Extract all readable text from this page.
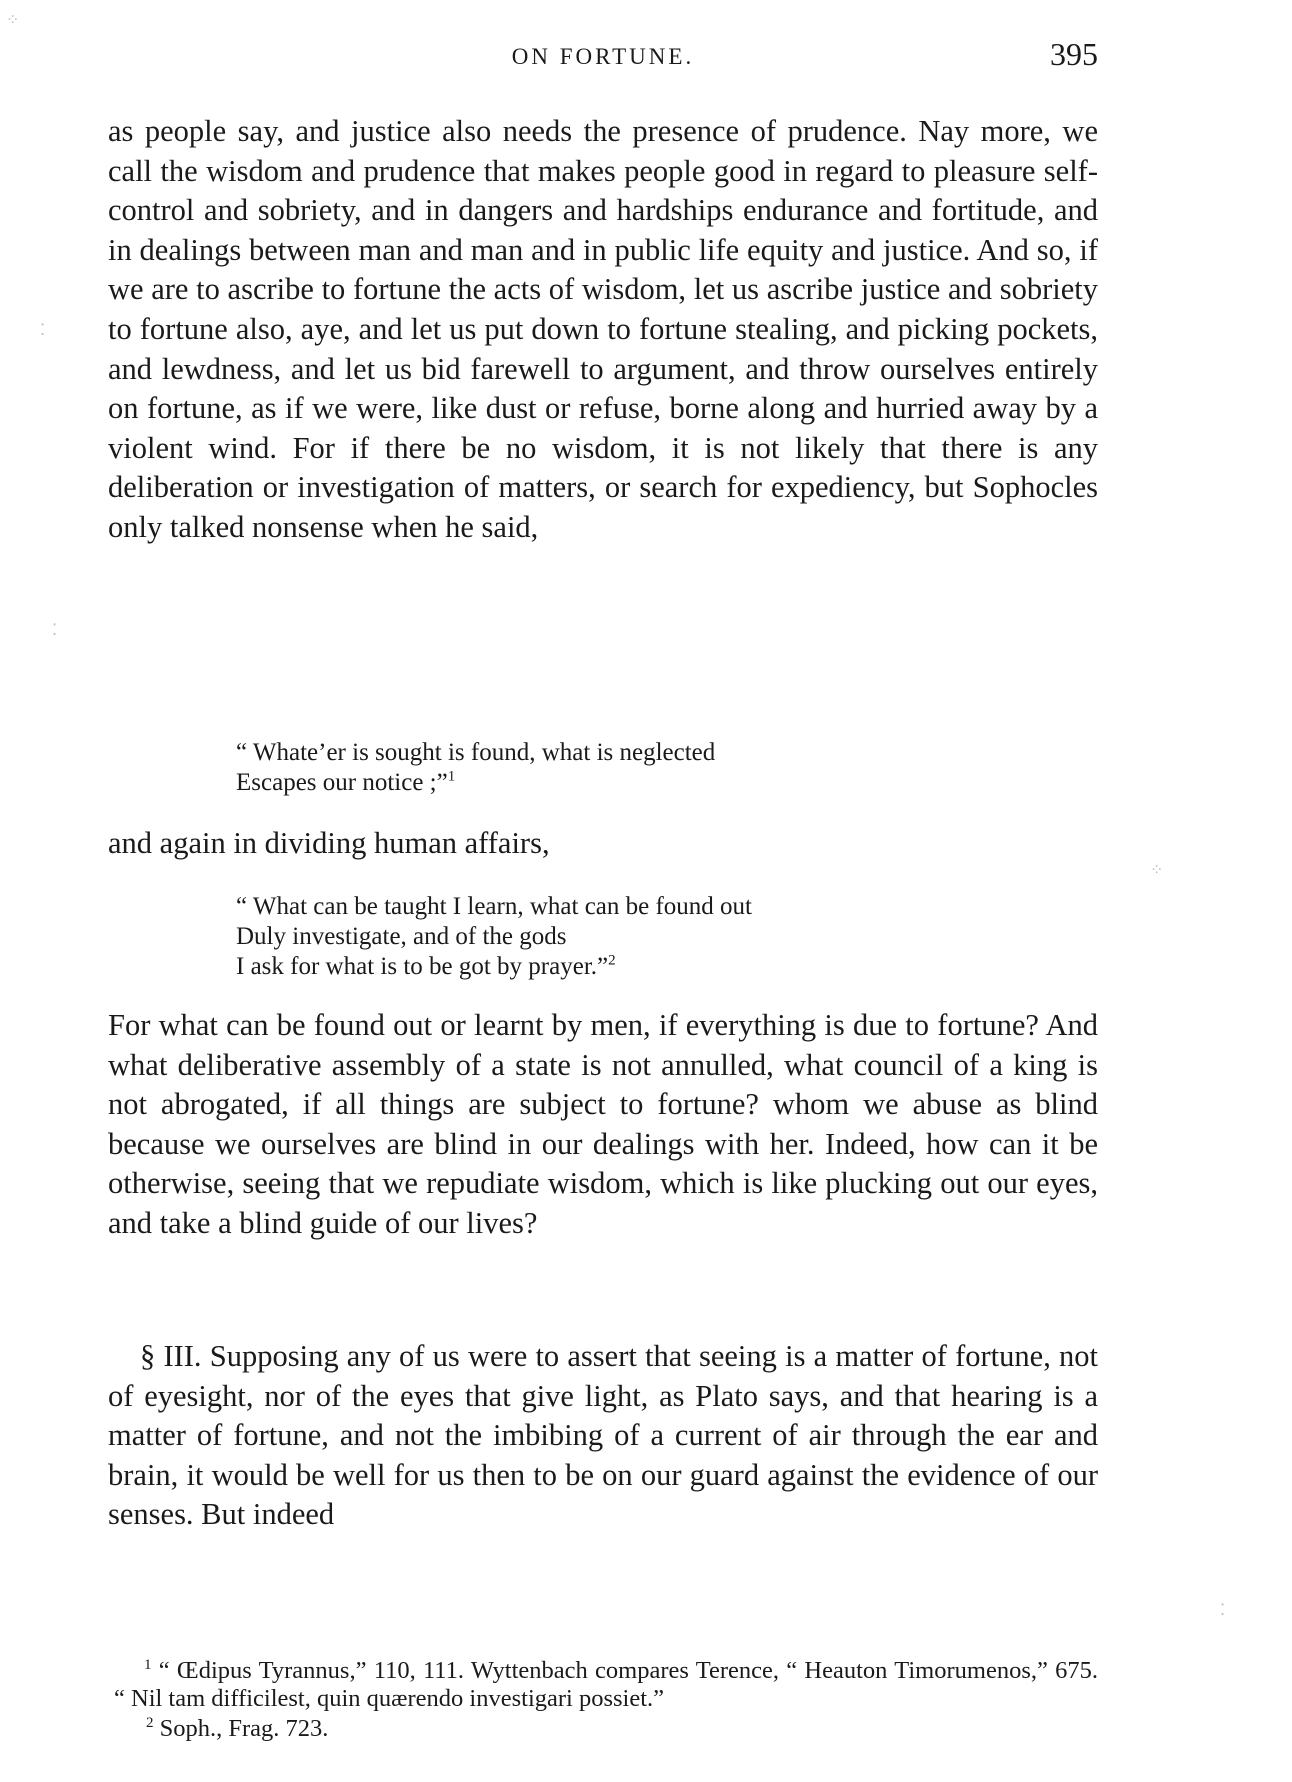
ON FORTUNE.	395

as people say, and justice also needs the presence of prudence. Nay more, we call the wisdom and prudence that makes people good in regard to pleasure self-control and sobriety, and in dangers and hardships endurance and fortitude, and in dealings between man and man and in public life equity and justice. And so, if we are to ascribe to fortune the acts of wisdom, let us ascribe justice and sobriety to fortune also, aye, and let us put down to fortune stealing, and picking pockets, and lewdness, and let us bid farewell to argument, and throw ourselves entirely on fortune, as if we were, like dust or refuse, borne along and hurried away by a violent wind. For if there be no wisdom, it is not likely that there is any deliberation or investigation of matters, or search for expediency, but Sophocles only talked nonsense when he said,

“ Whate’er is sought is found, what is neglected
Escapes our notice ;”$^1$

and again in dividing human affairs,

“ What can be taught I learn, what can be found out
Duly investigate, and of the gods
I ask for what is to be got by prayer.”$^2$

For what can be found out or learnt by men, if everything is due to fortune? And what deliberative assembly of a state is not annulled, what council of a king is not abrogated, if all things are subject to fortune? whom we abuse as blind because we ourselves are blind in our dealings with her. Indeed, how can it be otherwise, seeing that we repudiate wisdom, which is like plucking out our eyes, and take a blind guide of our lives?

§ III. Supposing any of us were to assert that seeing is a matter of fortune, not of eyesight, nor of the eyes that give light, as Plato says, and that hearing is a matter of fortune, and not the imbibing of a current of air through the ear and brain, it would be well for us then to be on our guard against the evidence of our senses. But indeed

$^1$ “ Œdipus Tyrannus,” 110, 111. Wyttenbach compares Terence, “ Heauton Timorumenos,” 675. “ Nil tam difficilest, quin quærendo investigari possiet.”
$^2$ Soph., Frag. 723.
⁘
⁚
⁚
⁘
⁚
